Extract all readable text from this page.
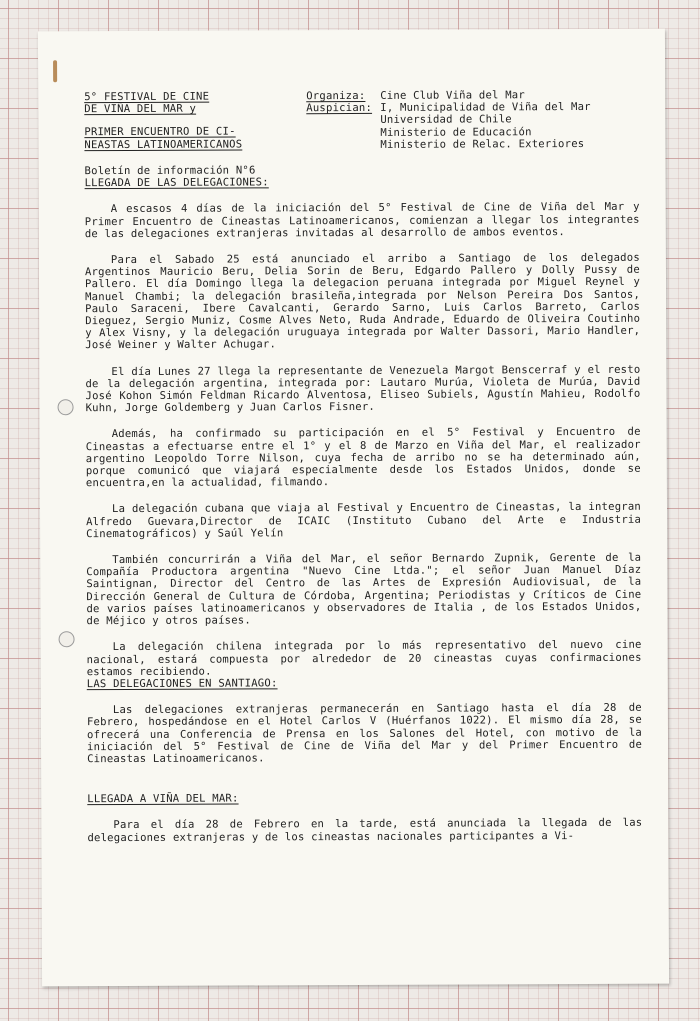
5° FESTIVAL DE CINE
DE VIÑA DEL MAR y
PRIMER ENCUENTRO DE CI-
NEASTAS LATINOAMERICANOS
Organiza:	Cine Club Viña del Mar
Auspician: I, Municipalidad de Viña del Mar
Universidad de Chile
Ministerio de Educación
Ministerio de Relac. Exteriores

Boletín de información N°6

LLEGADA DE LAS DELEGACIONES:

A escasos 4 días de la iniciación del 5° Festival de Cine de Viña del Mar y Primer Encuentro de Cineastas Latinoamericanos, comienzan a llegar los integrantes de las delegaciones extranjeras invitadas al desarrollo de ambos eventos.

Para el Sabado 25 está anunciado el arribo a Santiago de los delegados Argentinos Mauricio Beru, Delia Sorin de Beru, Edgardo Pallero y Dolly Pussy de Pallero. El día Domingo llega la delegacion peruana integrada por Miguel Reynel y Manuel Chambi; la delegación brasileña,integrada por Nelson Pereira Dos Santos, Paulo Saraceni, Ibere Cavalcanti, Gerardo Sarno, Luis Carlos Barreto, Carlos Dieguez, Sergio Muniz, Cosme Alves Neto, Ruda Andrade, Eduardo de Oliveira Coutinho y Alex Visny, y la delegación uruguaya integrada por Walter Dassori, Mario Handler, José Weiner y Walter Achugar.

El día Lunes 27 llega la representante de Venezuela Margot Benscerraf y el resto de la delegación argentina, integrada por: Lautaro Murúa, Violeta de Murúa, David José Kohon Simón Feldman Ricardo Alventosa, Eliseo Subiels, Agustín Mahieu, Rodolfo Kuhn, Jorge Goldemberg y Juan Carlos Fisner.

Además, ha confirmado su participación en el 5° Festival y Encuentro de Cineastas a efectuarse entre el 1° y el 8 de Marzo en Viña del Mar, el realizador argentino Leopoldo Torre Nilson, cuya fecha de arribo no se ha determinado aún, porque comunicó que viajará especialmente desde los Estados Unidos, donde se encuentra,en la actualidad, filmando.

La delegación cubana que viaja al Festival y Encuentro de Cineastas, la integran Alfredo Guevara,Director de ICAIC (Instituto Cubano del Arte e Industria Cinematográficos) y Saúl Yelín

También concurrirán a Viña del Mar, el señor Bernardo Zupnik, Gerente de la Compañía Productora argentina "Nuevo Cine Ltda."; el señor Juan Manuel Díaz Saintignan, Director del Centro de las Artes de Expresión Audiovisual, de la Dirección General de Cultura de Córdoba, Argentina; Periodistas y Críticos de Cine de varios países latinoamericanos y observadores de Italia , de los Estados Unidos, de Méjico y otros países.

La delegación chilena integrada por lo más representativo del nuevo cine nacional, estará compuesta por alrededor de 20 cineastas cuyas confirmaciones estamos recibiendo.

LAS DELEGACIONES EN SANTIAGO:

Las delegaciones extranjeras permanecerán en Santiago hasta el día 28 de Febrero, hospedándose en el Hotel Carlos V (Huérfanos 1022). El mismo día 28, se ofrecerá una Conferencia de Prensa en los Salones del Hotel, con motivo de la iniciación del 5° Festival de Cine de Viña del Mar y del Primer Encuentro de Cineastas Latinoamericanos.

LLEGADA A VIÑA DEL MAR:

Para el día 28 de Febrero en la tarde, está anunciada la llegada de las delegaciones extranjeras y de los cineastas nacionales participantes a Vi-
